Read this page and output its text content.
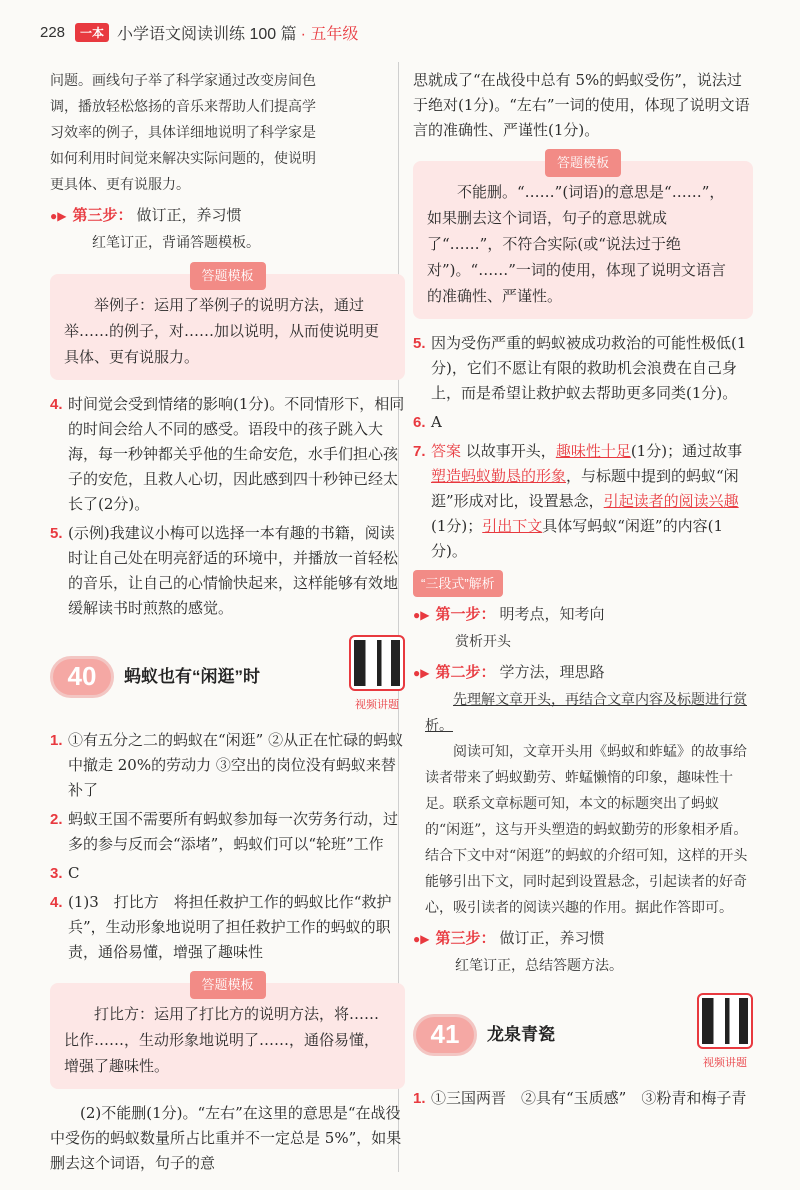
228	一本 小学语文阅读训练 100 篇 · 五年级
问题。画线句子举了科学家通过改变房间色
调，播放轻松悠扬的音乐来帮助人们提高学
习效率的例子，具体详细地说明了科学家是
如何利用时间觉来解决实际问题的，使说明
更具体、更有说服力。
●▶ 第三步： 做订正，养习惯
红笔订正，背诵答题模板。
答题模板
举例子：运用了举例子的说明方法，通过举……的例子，对……加以说明，从而使说明更具体、更有说服力。
4. 时间觉会受到情绪的影响(1分)。不同情形下，相同的时间会给人不同的感受。语段中的孩子跳入大海，每一秒钟都关乎他的生命安危，水手们担心孩子的安危，且救人心切，因此感到四十秒钟已经太长了(2分)。
5. (示例)我建议小梅可以选择一本有趣的书籍，阅读时让自己处在明亮舒适的环境中，并播放一首轻松的音乐，让自己的心情愉快起来，这样能够有效地缓解读书时煎熬的感觉。
40	蚂蚁也有“闲逛”时
视频讲题
1. ①有五分之二的蚂蚁在“闲逛” ②从正在忙碌的蚂蚁中撤走 20%的劳动力 ③空出的岗位没有蚂蚁来替补了
2. 蚂蚁王国不需要所有蚂蚁参加每一次劳务行动，过多的参与反而会“添堵”，蚂蚁们可以“轮班”工作
3. C
4. (1)3　打比方　将担任救护工作的蚂蚁比作“救护兵”，生动形象地说明了担任救护工作的蚂蚁的职责，通俗易懂，增强了趣味性
答题模板
打比方：运用了打比方的说明方法，将……比作……，生动形象地说明了……，通俗易懂，增强了趣味性。
(2)不能删(1分)。“左右”在这里的意思是“在战役中受伤的蚂蚁数量所占比重并不一定总是 5%”，如果删去这个词语，句子的意
思就成了“在战役中总有 5%的蚂蚁受伤”，说法过于绝对(1分)。“左右”一词的使用，体现了说明文语言的准确性、严谨性(1分)。
答题模板
不能删。“……”(词语)的意思是“……”，如果删去这个词语，句子的意思就成了“……”，不符合实际(或“说法过于绝对”)。“……”一词的使用，体现了说明文语言的准确性、严谨性。
5. 因为受伤严重的蚂蚁被成功救治的可能性极低(1分)，它们不愿让有限的救助机会浪费在自己身上，而是希望让救护蚁去帮助更多同类(1分)。
6. A
7. 答案 以故事开头，趣味性十足(1分)；通过故事塑造蚂蚁勤恳的形象，与标题中提到的蚂蚁“闲逛”形成对比，设置悬念，引起读者的阅读兴趣(1分)；引出下文具体写蚂蚁“闲逛”的内容(1分)。
“三段式”解析
●▶ 第一步： 明考点，知考向
赏析开头
●▶ 第二步： 学方法，理思路
先理解文章开头，再结合文章内容及标题进行赏析。
阅读可知，文章开头用《蚂蚁和蚱蜢》的故事给读者带来了蚂蚁勤劳、蚱蜢懒惰的印象，趣味性十足。联系文章标题可知，本文的标题突出了蚂蚁的“闲逛”，这与开头塑造的蚂蚁勤劳的形象相矛盾。结合下文中对“闲逛”的蚂蚁的介绍可知，这样的开头能够引出下文，同时起到设置悬念，引起读者的好奇心，吸引读者的阅读兴趣的作用。据此作答即可。
●▶ 第三步： 做订正，养习惯
红笔订正，总结答题方法。
41	龙泉青瓷
视频讲题
1. ①三国两晋　②具有“玉质感”　③粉青和梅子青
